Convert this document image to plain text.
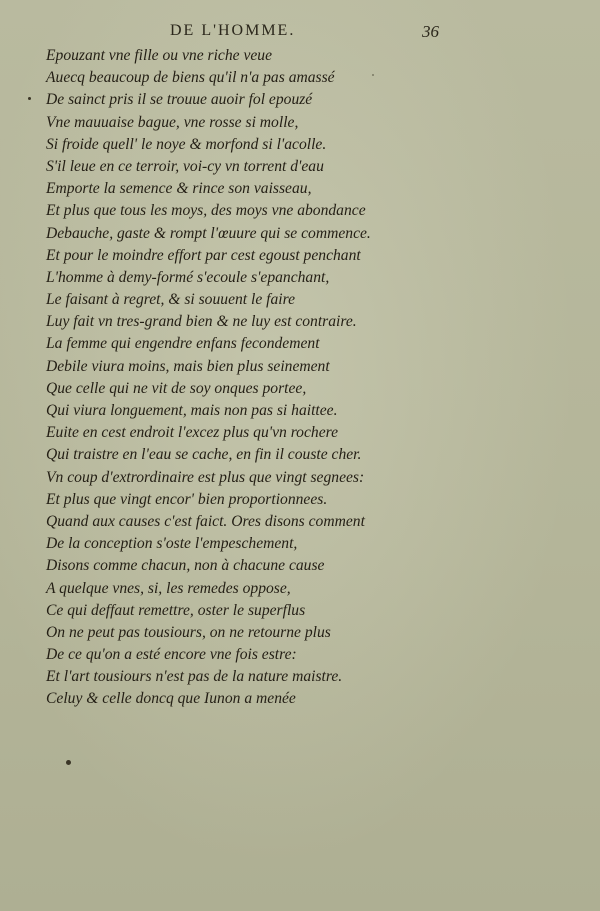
DE L'HOMME.	36
Epouzant vne fille ou vne riche veue
Auecq beaucoup de biens qu'il n'a pas amassé
De sainct pris il se trouue auoir fol epouzé
Vne mauuaise bague, vne rosse si molle,
Si froide quell' le noye & morfond si l'acolle.
S'il leue en ce terroir, voi-cy vn torrent d'eau
Emporte la semence & rince son vaisseau,
Et plus que tous les moys, des moys vne abondance
Debauche, gaste & rompt l'œuure qui se commence.
Et pour le moindre effort par cest egoust penchant
L'homme à demy-formé s'ecoule s'epanchant,
Le faisant à regret, & si souuent le faire
Luy fait vn tres-grand bien & ne luy est contraire.
La femme qui engendre enfans fecondement
Debile viura moins, mais bien plus seinement
Que celle qui ne vit de soy onques portee,
Qui viura longuement, mais non pas si haittee.
Euite en cest endroit l'excez plus qu'vn rochere
Qui traistre en l'eau se cache, en fin il couste cher.
Vn coup d'extrordinaire est plus que vingt segnees:
Et plus que vingt encor' bien proportionnees.
Quand aux causes c'est faict. Ores disons comment
De la conception s'oste l'empeschement,
Disons comme chacun, non à chacune cause
A quelque vnes, si, les remedes oppose,
Ce qui deffaut remettre, oster le superflus
On ne peut pas tousiours, on ne retourne plus
De ce qu'on a esté encore vne fois estre:
Et l'art tousiours n'est pas de la nature maistre.
Celuy & celle doncq que Iunon a menée
